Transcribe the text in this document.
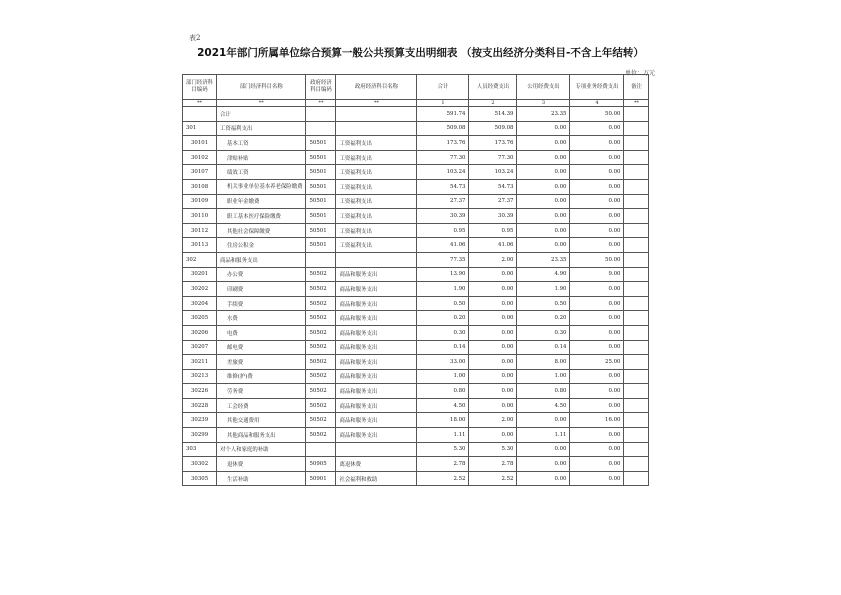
表2
2021年部门所属单位综合预算一般公共预算支出明细表 （按支出经济分类科目-不含上年结转）
单位：万元
部门经济科目编码	部门经济科目名称	政府经济科目编码	政府经济科目名称	合计	人员经费支出	公用经费支出	专项业务经费支出	备注
**	**	**	**	1	2	3	4	**
	合计			591.74	514.39	23.35	50.00	
301	工资福利支出			509.08	509.08	0.00	0.00	
30101	基本工资	50501	工资福利支出	173.76	173.76	0.00	0.00	
30102	津贴补贴	50501	工资福利支出	77.30	77.30	0.00	0.00	
30107	绩效工资	50501	工资福利支出	103.24	103.24	0.00	0.00	
30108	机关事业单位基本养老保险缴费	50501	工资福利支出	54.73	54.73	0.00	0.00	
30109	职业年金缴费	50501	工资福利支出	27.37	27.37	0.00	0.00	
30110	职工基本医疗保险缴费	50501	工资福利支出	30.39	30.39	0.00	0.00	
30112	其他社会保障缴费	50501	工资福利支出	0.95	0.95	0.00	0.00	
30113	住房公积金	50501	工资福利支出	41.06	41.06	0.00	0.00	
302	商品和服务支出			77.35	2.00	23.35	50.00	
30201	办公费	50502	商品和服务支出	13.90	0.00	4.90	9.00	
30202	印刷费	50502	商品和服务支出	1.90	0.00	1.90	0.00	
30204	手续费	50502	商品和服务支出	0.50	0.00	0.50	0.00	
30205	水费	50502	商品和服务支出	0.20	0.00	0.20	0.00	
30206	电费	50502	商品和服务支出	0.30	0.00	0.30	0.00	
30207	邮电费	50502	商品和服务支出	0.14	0.00	0.14	0.00	
30211	差旅费	50502	商品和服务支出	33.00	0.00	8.00	25.00	
30213	维修(护)费	50502	商品和服务支出	1.00	0.00	1.00	0.00	
30226	劳务费	50502	商品和服务支出	0.80	0.00	0.80	0.00	
30228	工会经费	50502	商品和服务支出	4.50	0.00	4.50	0.00	
30239	其他交通费用	50502	商品和服务支出	18.00	2.00	0.00	16.00	
30299	其他商品和服务支出	50502	商品和服务支出	1.11	0.00	1.11	0.00	
303	对个人和家庭的补助			5.30	5.30	0.00	0.00	
30302	退休费	50905	离退休费	2.78	2.78	0.00	0.00	
30305	生活补助	50901	社会福利和救助	2.52	2.52	0.00	0.00	
